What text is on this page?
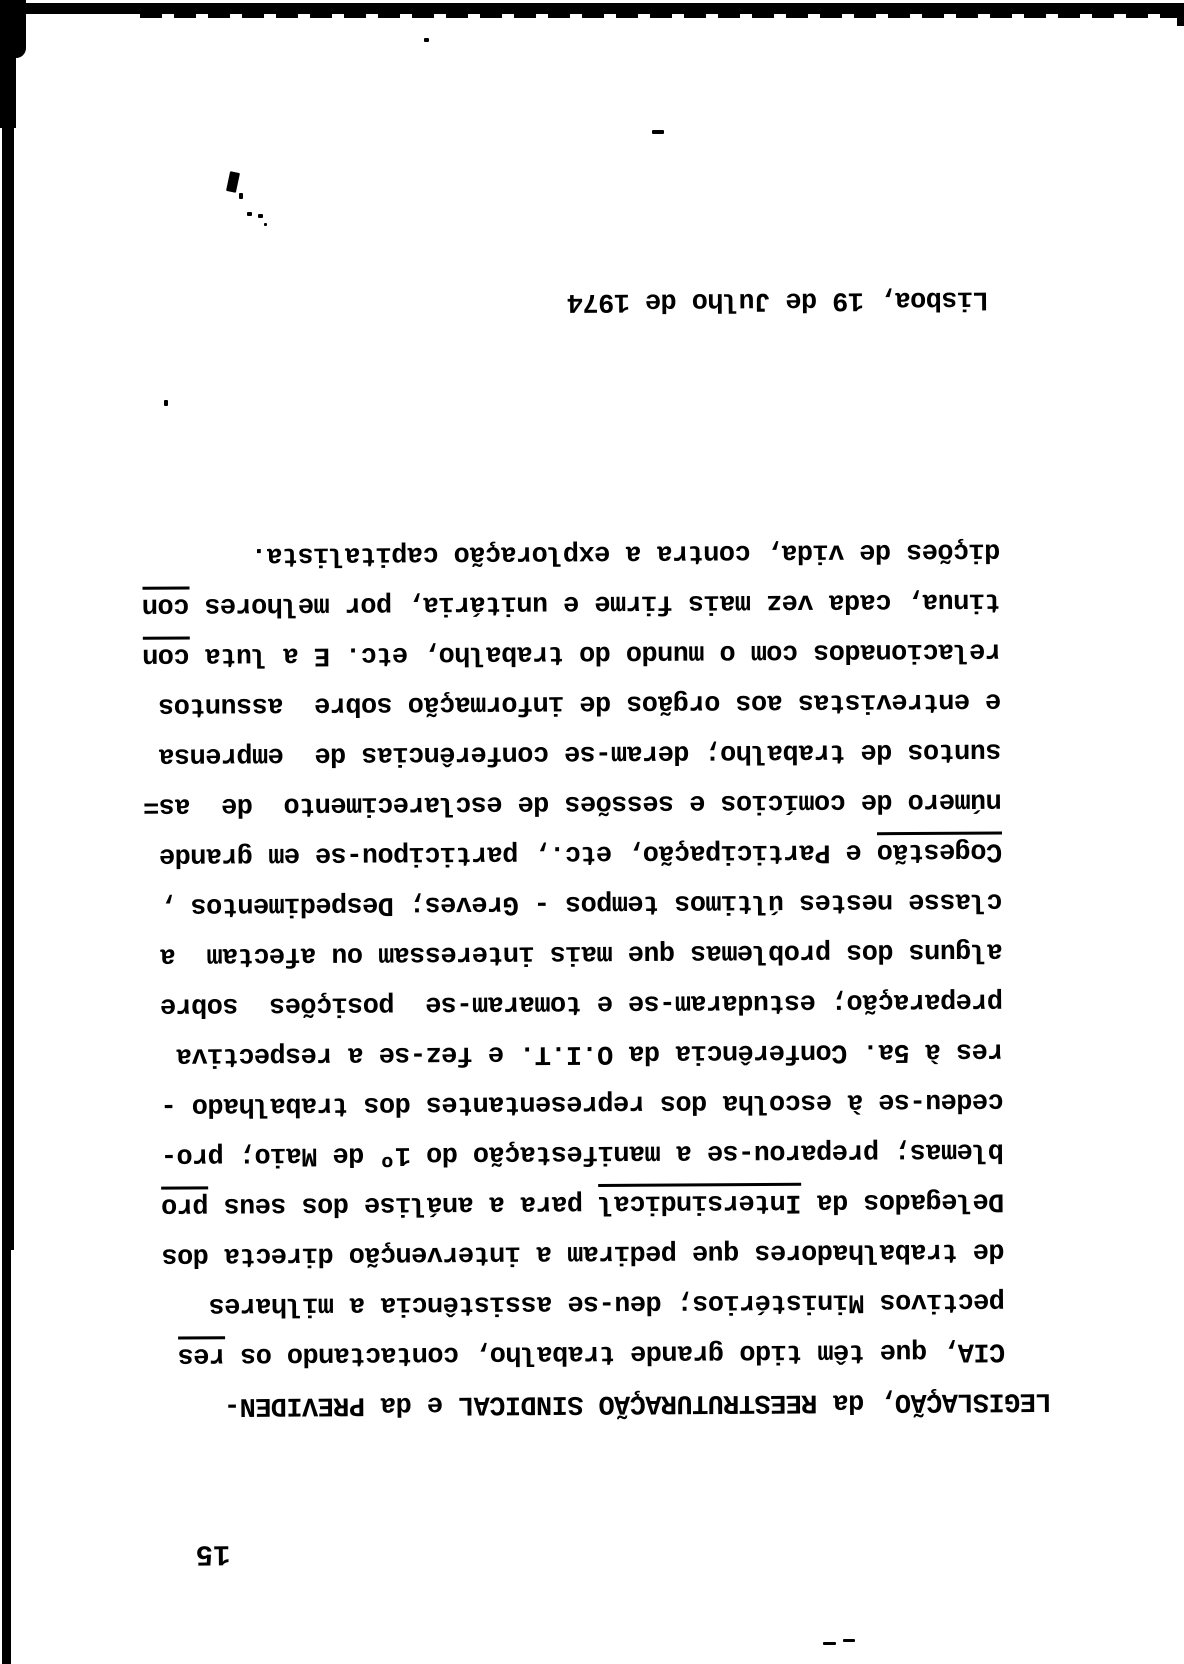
15
LEGISLAÇÃO, da REESTRUTURAÇÃO SINDICAL e da PREVIDEN-
CIA, que têm tido grande trabalho, contactando os res
pectivos Ministérios; deu-se assistência a milhares
de trabalhadores que pediram a intervenção directa dos
Delegados da Intersindical para a análise dos seus pro
blemas; preparou-se a manifestação do 1º de Maio; pro-
cedeu-se à escolha dos representantes dos trabalhado -
res à 5a. Conferência da O.I.T. e fez-se a respectiva
preparação; estudaram-se e tomaram-se  posições  sobre
alguns dos problemas que mais interessam ou afectam  a
classe nestes últimos tempos - Greves; Despedimentos ,
Cogestão e Participação, etc., participou-se em grande
número de comícios e sessões de esclarecimento  de  as=
suntos de trabalho; deram-se conferências de  emprensa
e entrevistas aos orgãos de informação sobre  assuntos
relacionados com o mundo do trabalho, etc. E a luta con
tinua, cada vez mais firme e unitária, por melhores con
dições de vida, contra a exploração capitalista.
Lisboa, 19 de Julho de 1974
